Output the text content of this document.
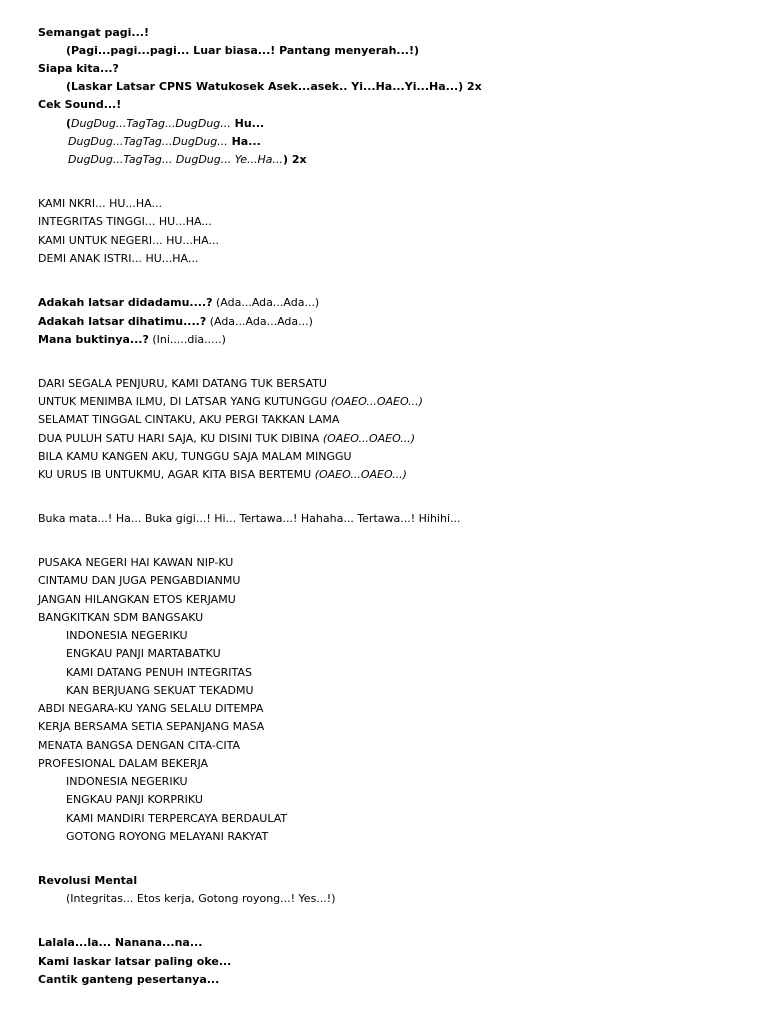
Semangat pagi...!
(Pagi...pagi...pagi... Luar biasa...! Pantang menyerah...!)
Siapa kita...?
(Laskar Latsar CPNS Watukosek Asek...asek.. Yi...Ha...Yi...Ha...) 2x
Cek Sound...!
(DugDug...TagTag...DugDug... Hu...
DugDug...TagTag...DugDug... Ha...
DugDug...TagTag... DugDug... Ye...Ha...) 2x
KAMI NKRI... HU...HA...
INTEGRITAS TINGGI... HU...HA...
KAMI UNTUK NEGERI... HU...HA...
DEMI ANAK ISTRI... HU...HA...
Adakah latsar didadamu....? (Ada...Ada...Ada...)
Adakah latsar dihatimu....? (Ada...Ada...Ada...)
Mana buktinya...? (Ini.....dia.....)
DARI SEGALA PENJURU, KAMI DATANG TUK BERSATU
UNTUK MENIMBA ILMU, DI LATSAR YANG KUTUNGGU (OAEO...OAEO...)
SELAMAT TINGGAL CINTAKU, AKU PERGI TAKKAN LAMA
DUA PULUH SATU HARI SAJA, KU DISINI TUK DIBINA (OAEO...OAEO...)
BILA KAMU KANGEN AKU, TUNGGU SAJA MALAM MINGGU
KU URUS IB UNTUKMU, AGAR KITA BISA BERTEMU (OAEO...OAEO...)
Buka mata...! Ha... Buka gigi...! Hi... Tertawa...! Hahaha... Tertawa...! Hihihi...
PUSAKA NEGERI HAI KAWAN NIP-KU
CINTAMU DAN JUGA PENGABDIANMU
JANGAN HILANGKAN ETOS KERJAMU
BANGKITKAN SDM BANGSAKU
INDONESIA NEGERIKU
ENGKAU PANJI MARTABATKU
KAMI DATANG PENUH INTEGRITAS
KAN BERJUANG SEKUAT TEKADMU
ABDI NEGARA-KU YANG SELALU DITEMPA
KERJA BERSAMA SETIA SEPANJANG MASA
MENATA BANGSA DENGAN CITA-CITA
PROFESIONAL DALAM BEKERJA
INDONESIA NEGERIKU
ENGKAU PANJI KORPRIKU
KAMI MANDIRI TERPERCAYA BERDAULAT
GOTONG ROYONG MELAYANI RAKYAT
Revolusi Mental
(Integritas... Etos kerja, Gotong royong...! Yes...!)
Lalala...la... Nanana...na...
Kami laskar latsar paling oke...
Cantik ganteng pesertanya...
